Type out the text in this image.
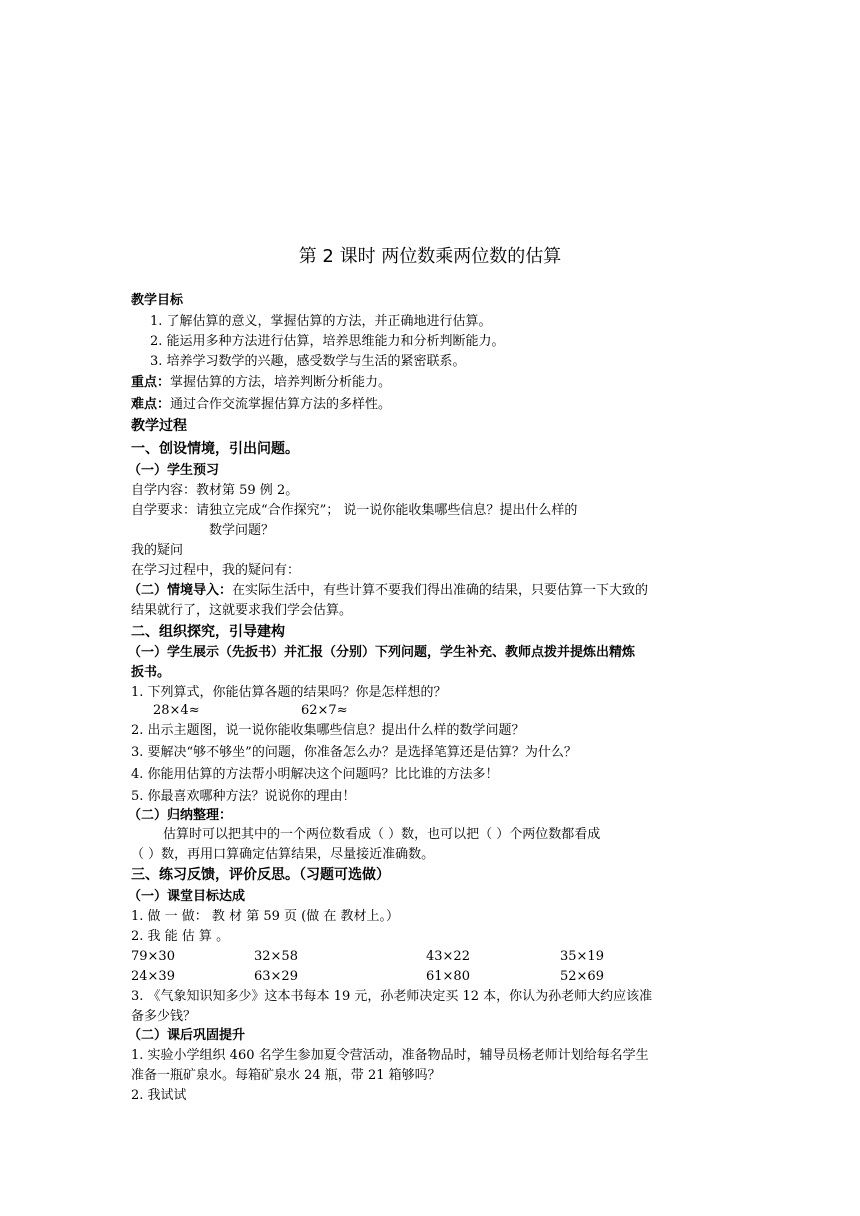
第 2 课时 两位数乘两位数的估算
教学目标
1. 了解估算的意义，掌握估算的方法，并正确地进行估算。
2. 能运用多种方法进行估算，培养思维能力和分析判断能力。
3. 培养学习数学的兴趣，感受数学与生活的紧密联系。
重点：掌握估算的方法，培养判断分析能力。
难点：通过合作交流掌握估算方法的多样性。
教学过程
一、创设情境，引出问题。
（一）学生预习
自学内容：教材第 59 例 2。
自学要求：请独立完成“合作探究”； 说一说你能收集哪些信息？提出什么样的
数学问题？
我的疑问
在学习过程中，我的疑问有：
（二）情境导入：在实际生活中，有些计算不要我们得出准确的结果，只要估算一下大致的
结果就行了，这就要求我们学会估算。
二、组织探究，引导建构
（一）学生展示（先扳书）并汇报（分别）下列问题，学生补充、教师点拨并提炼出精炼
扳书。
1. 下列算式，你能估算各题的结果吗？你是怎样想的？
28×4≈	62×7≈
2. 出示主题图，说一说你能收集哪些信息？提出什么样的数学问题？
3. 要解决“够不够坐”的问题，你准备怎么办？是选择笔算还是估算？为什么？
4. 你能用估算的方法帮小明解决这个问题吗？比比谁的方法多！
5. 你最喜欢哪种方法？说说你的理由！
（二）归纳整理：
估算时可以把其中的一个两位数看成（ ）数，也可以把（ ）个两位数都看成
（ ）数，再用口算确定估算结果，尽量接近准确数。
三、练习反馈，评价反思。（习题可选做）
（一）课堂目标达成
1. 做 一 做： 教 材 第 59 页 (做 在 教材上。）
2. 我 能 估 算 。
79×30	32×58	43×22	35×19
24×39	63×29	61×80	52×69
3. 《气象知识知多少》这本书每本 19 元，孙老师决定买 12 本，你认为孙老师大约应该准
备多少钱？
（二）课后巩固提升
1. 实验小学组织 460 名学生参加夏令营活动，准备物品时，辅导员杨老师计划给每名学生
准备一瓶矿泉水。每箱矿泉水 24 瓶，带 21 箱够吗？
2. 我试试
